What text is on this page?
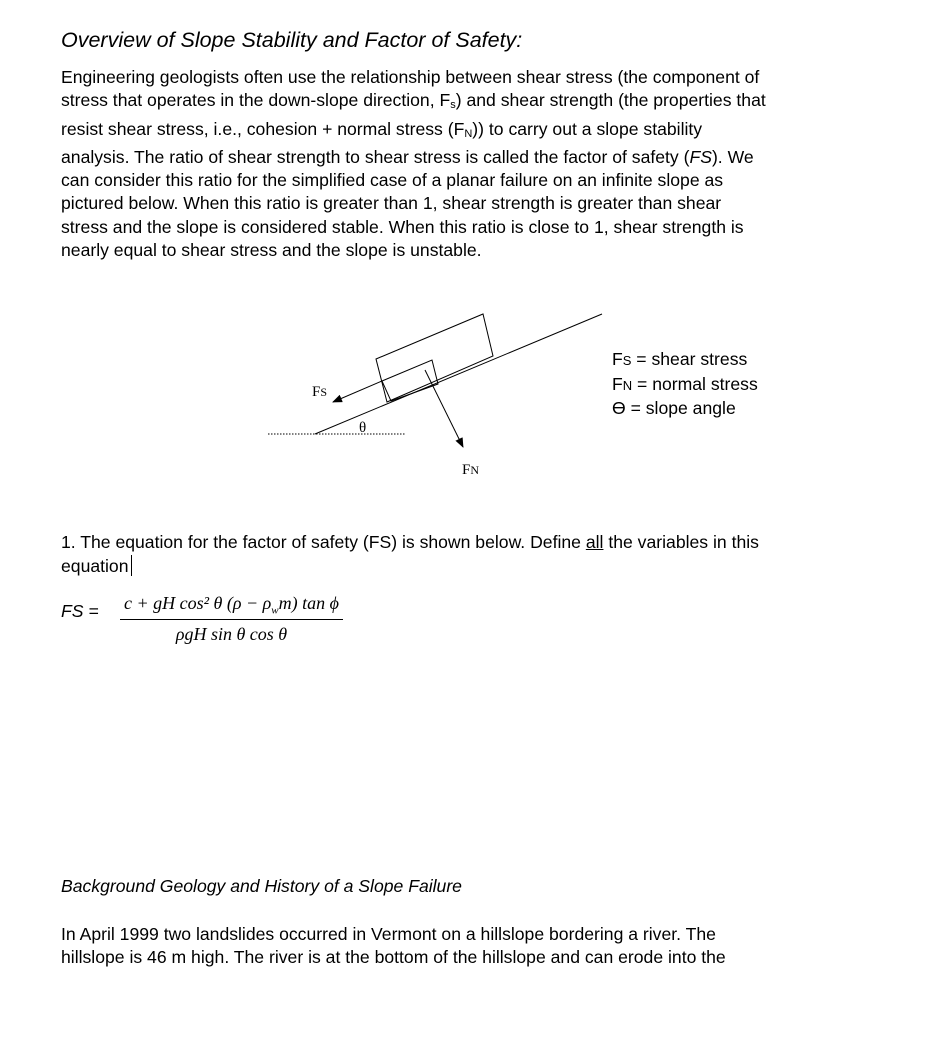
Overview of Slope Stability and Factor of Safety:
Engineering geologists often use the relationship between shear stress (the component of
stress that operates in the down-slope direction, $F_s$) and shear strength (the properties that
resist shear stress, i.e., cohesion + normal stress $(F_N)$) to carry out a slope stability
analysis. The ratio of shear strength to shear stress is called the factor of safety (FS). We
can consider this ratio for the simplified case of a planar failure on an infinite slope as
pictured below. When this ratio is greater than 1, shear strength is greater than shear
stress and the slope is considered stable. When this ratio is close to 1, shear strength is
nearly equal to shear stress and the slope is unstable.
FS
θ
FN
FS = shear stress
FN = normal stress
ϴ = slope angle
1. The equation for the factor of safety (FS) is shown below. Define all the variables in this
equation
FS = c + gH cos² θ $(\rho - \rho_wm)$ tan ϕ
ρgH sin θ cos θ
Background Geology and History of a Slope Failure
In April 1999 two landslides occurred in Vermont on a hillslope bordering a river. The
hillslope is 46 m high. The river is at the bottom of the hillslope and can erode into the
